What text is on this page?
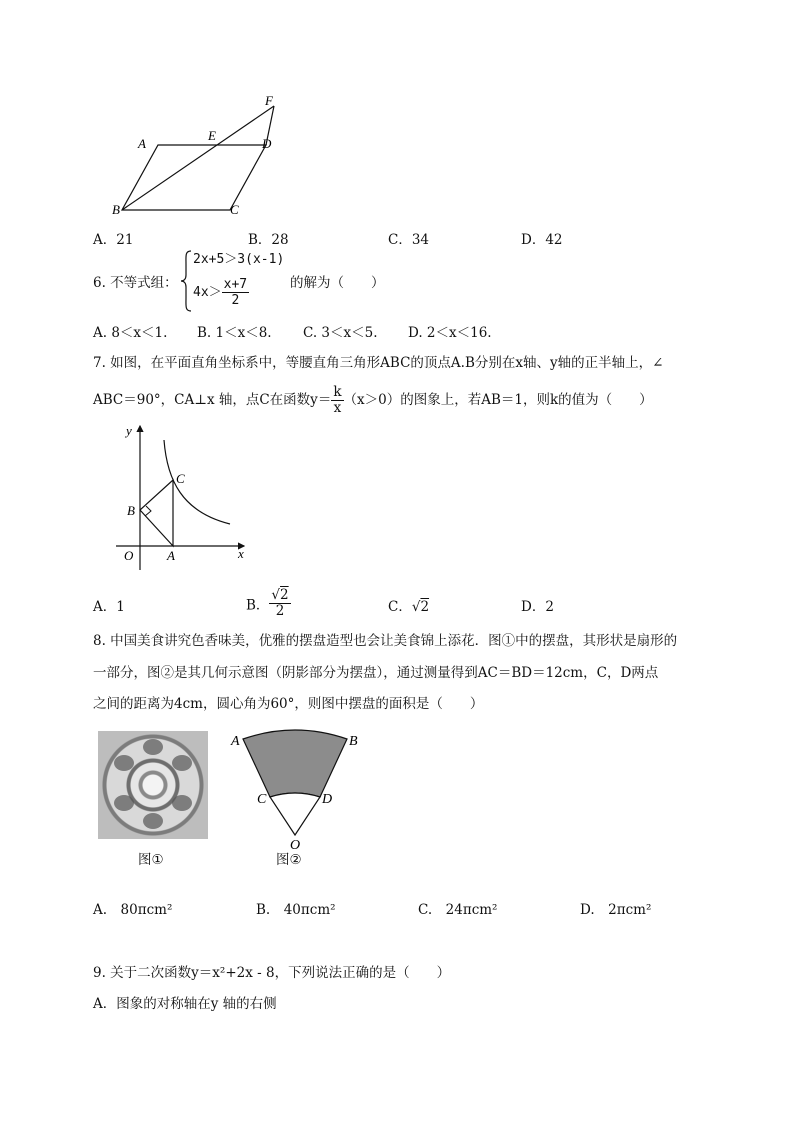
F
E
A	D
B	C
A．21	B．28	C．34	D．42
6. 不等式组：
2x+5＞3(x-1)
$4x> \frac{x+7}{2}$	的解为（　　）
A. 8＜x＜1. B. 1＜x＜8. C. 3＜x＜5. D. 2＜x＜16.
7. 如图，在平面直角坐标系中，等腰直角三角形ABC的顶点A.B分别在x轴、y轴的正半轴上，∠
ABC＝90°，CA⊥x 轴，点C在函数$y= \frac{k}{x} (x>0)$的图象上，若AB＝1，则k的值为（　　）
y
x
O	A
B
C
A．1	B． $\frac{√2}{2}$	C．√2	D．2
8. 中国美食讲究色香味美，优雅的摆盘造型也会让美食锦上添花．图①中的摆盘，其形状是扇形的
一部分，图②是其几何示意图（阴影部分为摆盘），通过测量得到AC＝BD＝12cm，C，D两点
之间的距离为4cm，圆心角为60°，则图中摆盘的面积是（　　）
图①
A	B
C	D
O
图②
A.　80πcm²	B.　40πcm²	C.　24πcm²	D.　2πcm²
9. 关于二次函数y＝x²+2x - 8，下列说法正确的是（　　）
A．图象的对称轴在y 轴的右侧
